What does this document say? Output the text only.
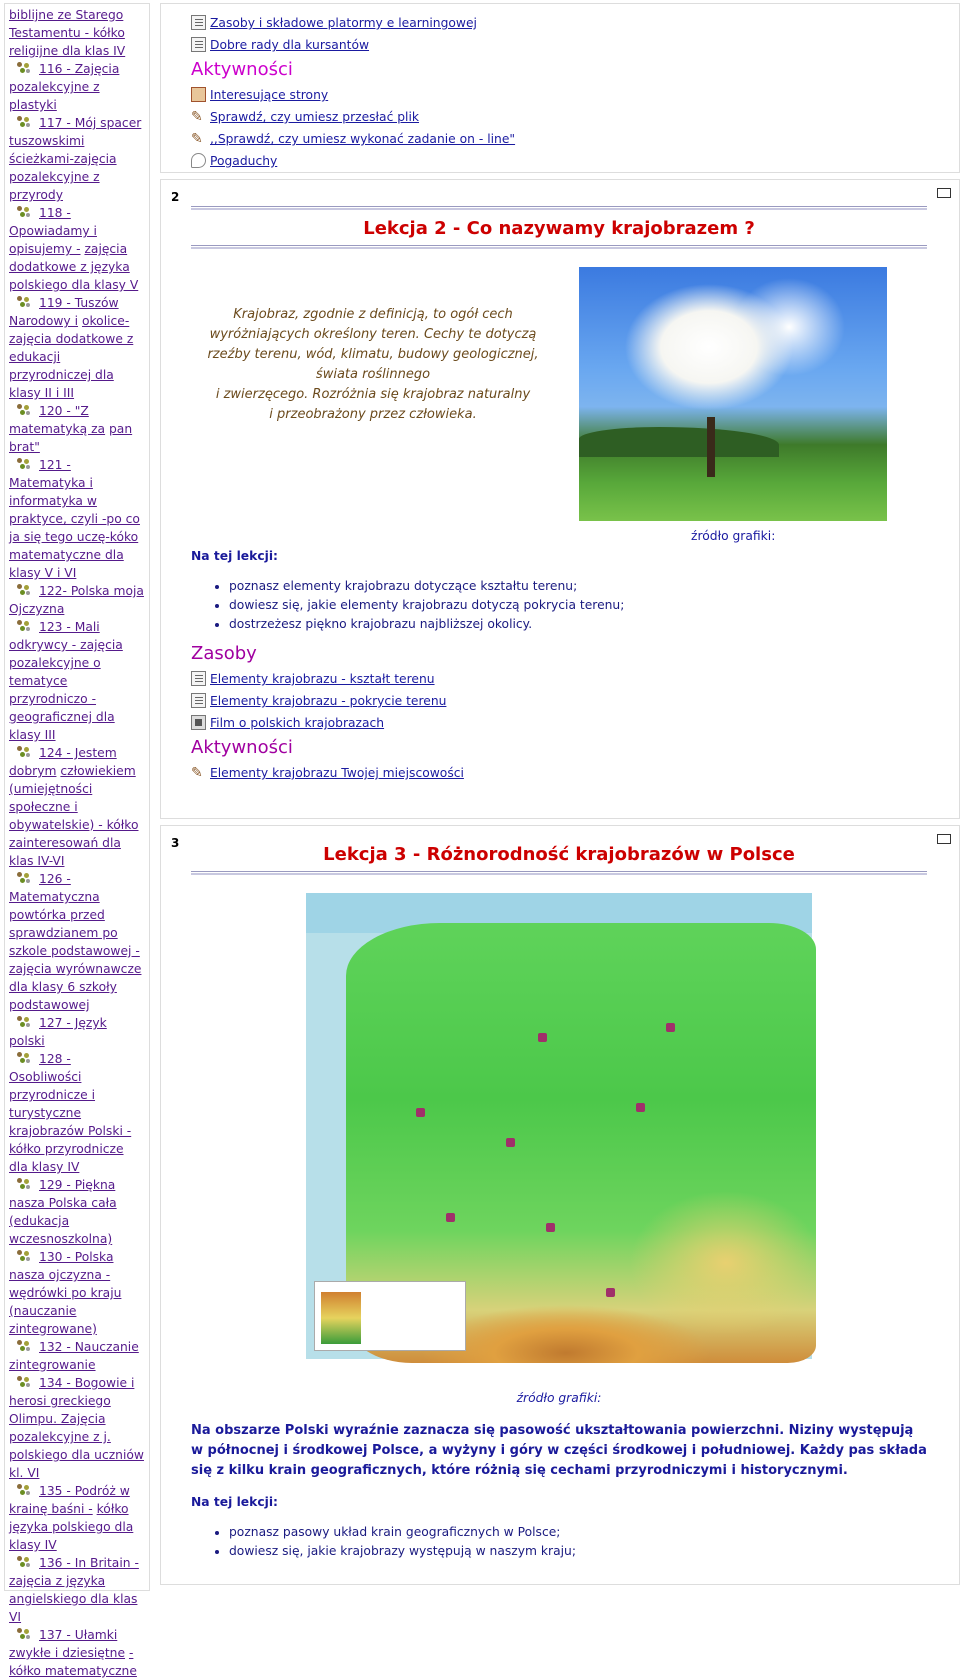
biblijne ze Starego Testamentu - kółko religijne dla klas IV
116 - Zajęcia pozalekcyjne z plastyki
117 - Mój spacer tuszowskimi ścieżkami-zajęcia pozalekcyjne z przyrody
118 - Opowiadamy i opisujemy - zajęcia dodatkowe z języka polskiego dla klasy V
119 - Tuszów Narodowy i okolice-zajęcia dodatkowe z edukacji przyrodniczej dla klasy II i III
120 - "Z matematyką za pan brat"
121 - Matematyka i informatyka w praktyce, czyli -po co ja się tego uczę-kóko matematyczne dla klasy V i VI
122- Polska moja Ojczyzna
123 - Mali odkrywcy - zajęcia pozalekcyjne o tematyce przyrodniczo - geograficznej dla klasy III
124 - Jestem dobrym człowiekiem (umiejętności społeczne i obywatelskie) - kółko zainteresowań dla klas IV-VI
126 - Matematyczna powtórka przed sprawdzianem po szkole podstawowej - zajęcia wyrównawcze dla klasy 6 szkoły podstawowej
127 - Język polski
128 - Osobliwości przyrodnicze i turystyczne krajobrazów Polski - kółko przyrodnicze dla klasy IV
129 - Piękna nasza Polska cała (edukacja wczesnoszkolna)
130 - Polska nasza ojczyzna - wędrówki po kraju (nauczanie zintegrowane)
132 - Nauczanie zintegrowanie
134 - Bogowie i herosi greckiego Olimpu. Zajęcia pozalekcyjne z j. polskiego dla uczniów kl. VI
135 - Podróż w krainę baśni - kółko języka polskiego dla klasy IV
136 - In Britain - zajęcia z języka angielskiego dla klas VI
137 - Ułamki zwykłe i dziesiętne - kółko matematyczne
Zasoby i składowe platormy e learningowej
Dobre rady dla kursantów
Aktywności
Interesujące strony
✎Sprawdź, czy umiesz przesłać plik
✎,,Sprawdź, czy umiesz wykonać zadanie on - line"
Pogaduchy
2
Lekcja 2 - Co nazywamy krajobrazem ?
Krajobraz, zgodnie z definicją, to ogół cech
wyróżniających określony teren. Cechy te dotyczą
rzeźby terenu, wód, klimatu, budowy geologicznej,
świata roślinnego
i zwierzęcego. Rozróżnia się krajobraz naturalny
i przeobrażony przez człowieka.
Na tej lekcji:
źródło grafiki:
• poznasz elementy krajobrazu dotyczące kształtu terenu;
• dowiesz się, jakie elementy krajobrazu dotyczą pokrycia terenu;
• dostrzeżesz piękno krajobrazu najbliższej okolicy.
Zasoby
Elementy krajobrazu - kształt terenu
Elementy krajobrazu - pokrycie terenu
Film o polskich krajobrazach
Aktywności
✎Elementy krajobrazu Twojej miejscowości
3
Lekcja 3 - Różnorodność krajobrazów w Polsce
źródło grafiki:
Na obszarze Polski wyraźnie zaznacza się pasowość ukształtowania powierzchni. Niziny występują w północnej i środkowej Polsce, a wyżyny i góry w części środkowej i południowej. Każdy pas składa się z kilku krain geograficznych, które różnią się cechami przyrodniczymi i historycznymi.
Na tej lekcji:
• poznasz pasowy układ krain geograficznych w Polsce;
• dowiesz się, jakie krajobrazy występują w naszym kraju;
